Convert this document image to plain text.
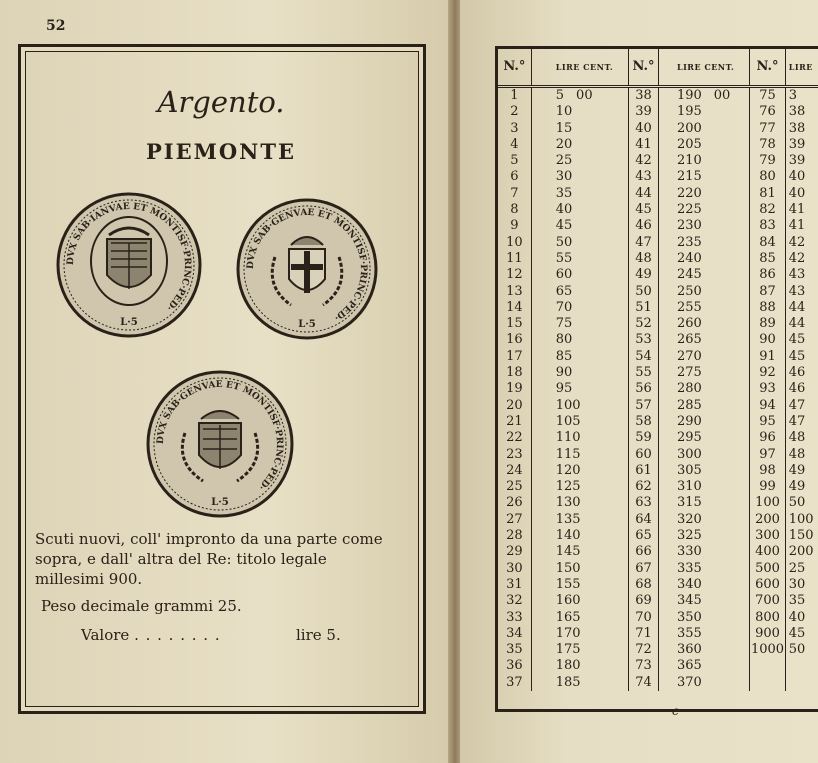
52
Argento.
PIEMONTE
DVX SAB·IANVAE ET MONTISF·PRINC·PED·
L·5
DVX SAB·GENVAE ET MONTISF·PRINC·PED·
L·5
DVX SAB·GENVAE ET MONTISF·PRINC·PED·
L·5
Scuti nuovi, coll' impronto da una parte come sopra, e dall' altra del Re: titolo legale millesimi 900.
Peso decimale grammi 25.
Valore . . . . . . . .	lire 5.
N.°	LIRE CENT.	N.°	LIRE CENT.	N.°	LIRE
1	5 00	38	190 00	75	3
2	10	39	195	76	38
3	15	40	200	77	38
4	20	41	205	78	39
5	25	42	210	79	39
6	30	43	215	80	40
7	35	44	220	81	40
8	40	45	225	82	41
9	45	46	230	83	41
10	50	47	235	84	42
11	55	48	240	85	42
12	60	49	245	86	43
13	65	50	250	87	43
14	70	51	255	88	44
15	75	52	260	89	44
16	80	53	265	90	45
17	85	54	270	91	45
18	90	55	275	92	46
19	95	56	280	93	46
20	100	57	285	94	47
21	105	58	290	95	47
22	110	59	295	96	48
23	115	60	300	97	48
24	120	61	305	98	49
25	125	62	310	99	49
26	130	63	315	100	50
27	135	64	320	200	100
28	140	65	325	300	150
29	145	66	330	400	200
30	150	67	335	500	25
31	155	68	340	600	30
32	160	69	345	700	35
33	165	70	350	800	40
34	170	71	355	900	45
35	175	72	360	1000	50
36	180	73	365		
37	185	74	370		
c
